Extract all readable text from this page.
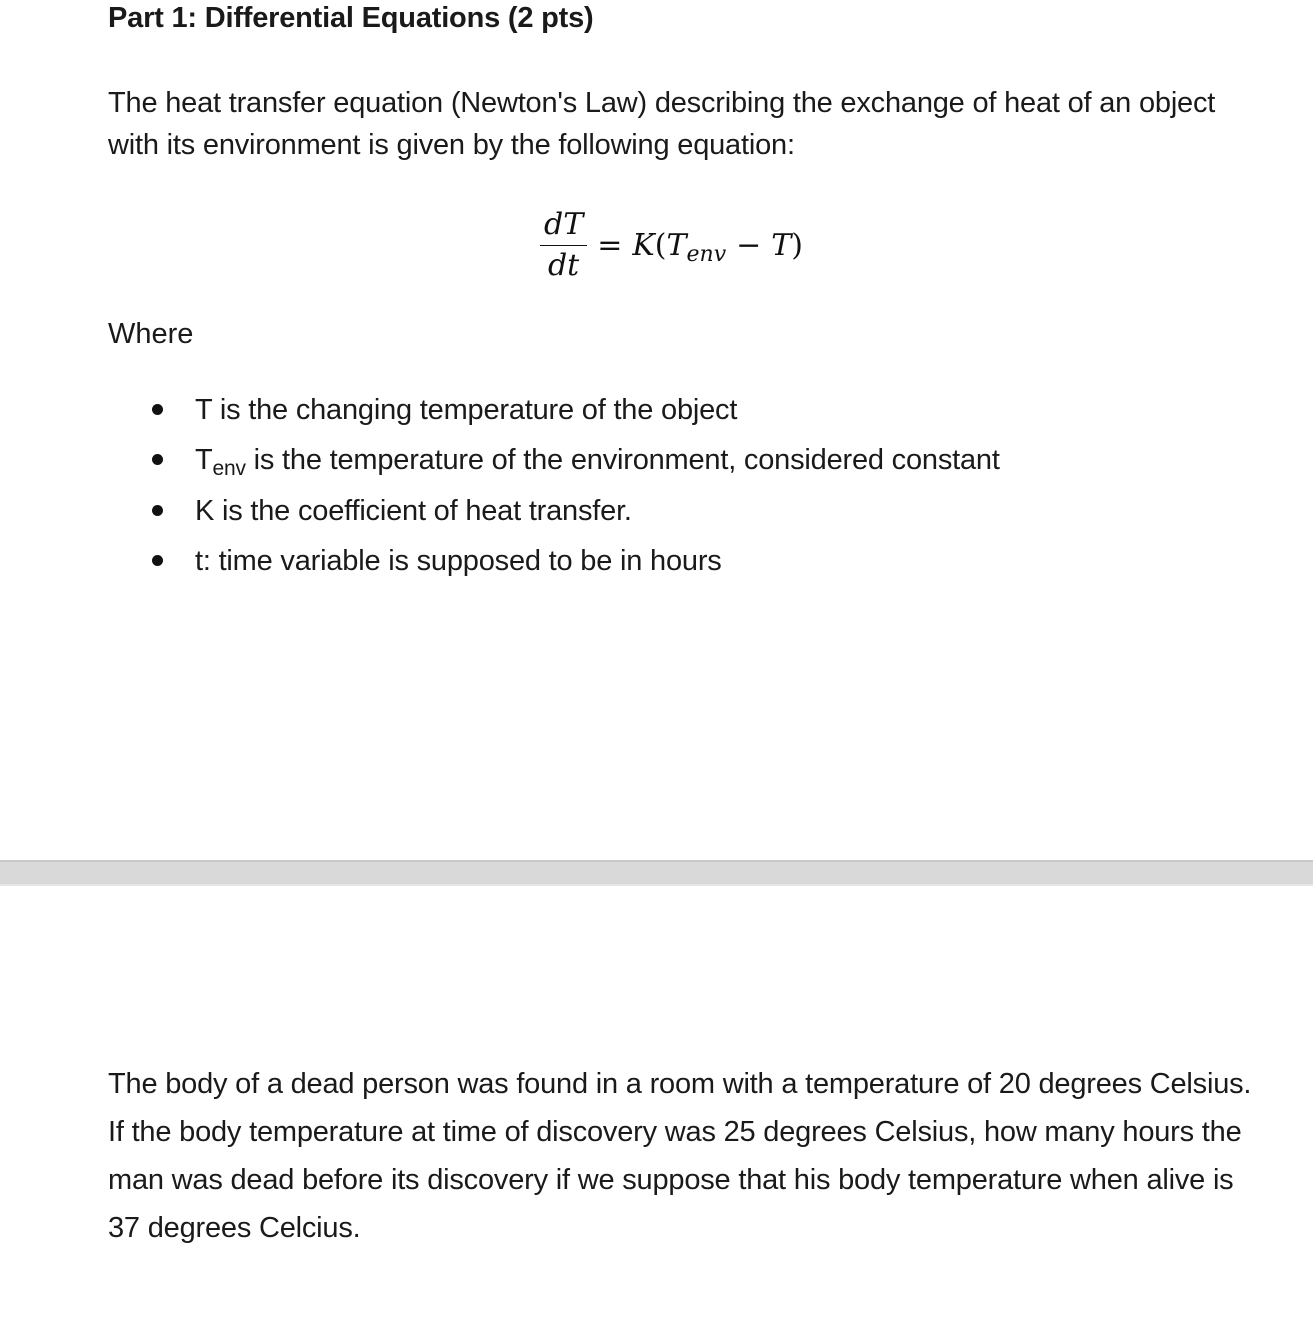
Part 1: Differential Equations (2 pts)

The heat transfer equation (Newton's Law) describing the exchange of heat of an object with its environment is given by the following equation:

$\frac{dT}{dt} = K$ ( T env − T )

Where

T is the changing temperature of the object
$T_{env}$ is the temperature of the environment, considered constant
K is the coefficient of heat transfer.
t: time variable is supposed to be in hours

The body of a dead person was found in a room with a temperature of 20 degrees Celsius. If the body temperature at time of discovery was 25 degrees Celsius, how many hours the man was dead before its discovery if we suppose that his body temperature when alive is 37 degrees Celcius.
